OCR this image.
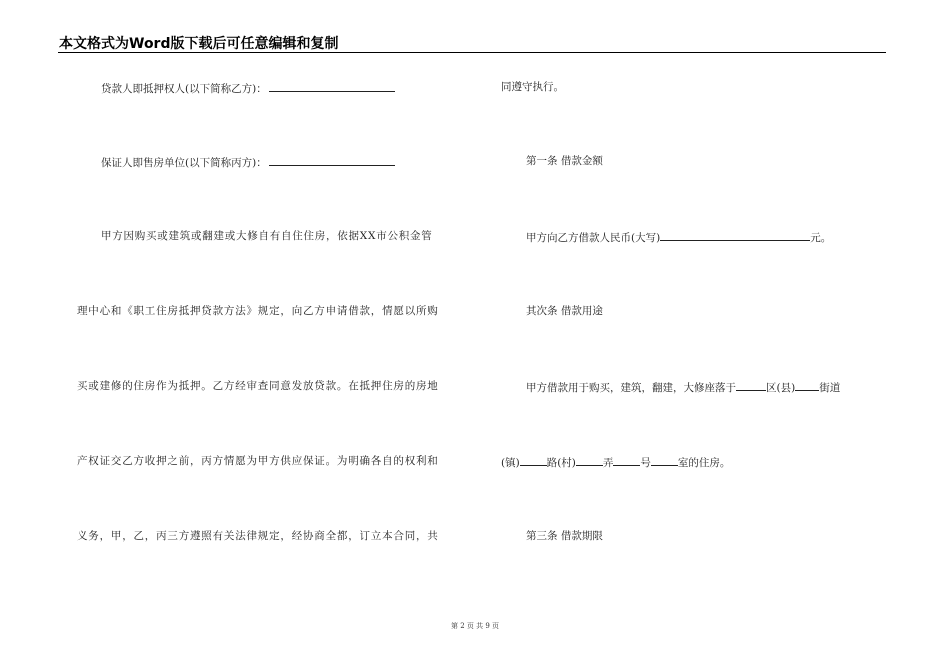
本文格式为Word版下载后可任意编辑和复制
贷款人即抵押权人(以下简称乙方)：
保证人即售房单位(以下简称丙方)：
甲方因购买或建筑或翻建或大修自有自住住房，依据XX市公积金管
理中心和《职工住房抵押贷款方法》规定，向乙方申请借款，情愿以所购
买或建修的住房作为抵押。乙方经审查同意发放贷款。在抵押住房的房地
产权证交乙方收押之前，丙方情愿为甲方供应保证。为明确各自的权利和
义务，甲，乙，丙三方遵照有关法律规定，经协商全都，订立本合同，共
同遵守执行。
第一条 借款金额
甲方向乙方借款人民币(大写)	元。
其次条 借款用途
甲方借款用于购买，建筑，翻建，大修座落于	区(县) 街道
(镇)	路(村)	弄	号	室的住房。
第三条 借款期限
第 2 页 共 9 页
